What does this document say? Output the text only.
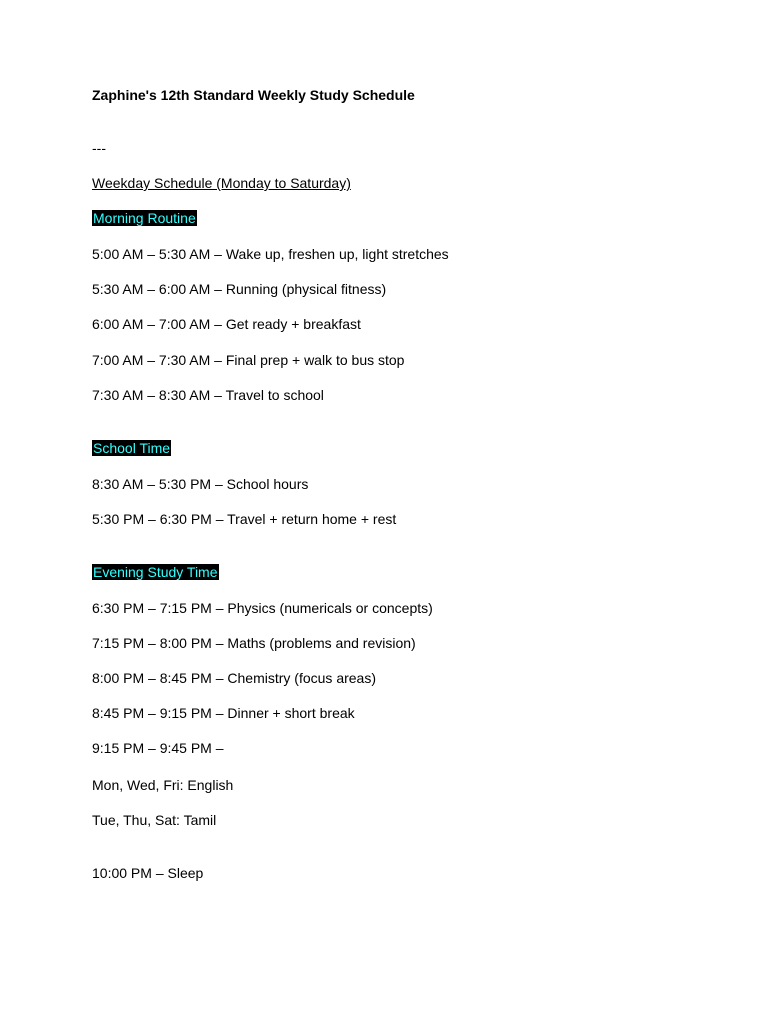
Zaphine's 12th Standard Weekly Study Schedule
---
Weekday Schedule (Monday to Saturday)
Morning Routine
5:00 AM – 5:30 AM – Wake up, freshen up, light stretches
5:30 AM – 6:00 AM – Running (physical fitness)
6:00 AM – 7:00 AM – Get ready + breakfast
7:00 AM – 7:30 AM – Final prep + walk to bus stop
7:30 AM – 8:30 AM – Travel to school
School Time
8:30 AM – 5:30 PM – School hours
5:30 PM – 6:30 PM – Travel + return home + rest
Evening Study Time
6:30 PM – 7:15 PM – Physics (numericals or concepts)
7:15 PM – 8:00 PM – Maths (problems and revision)
8:00 PM – 8:45 PM – Chemistry (focus areas)
8:45 PM – 9:15 PM – Dinner + short break
9:15 PM – 9:45 PM –
Mon, Wed, Fri: English
Tue, Thu, Sat: Tamil
10:00 PM – Sleep
